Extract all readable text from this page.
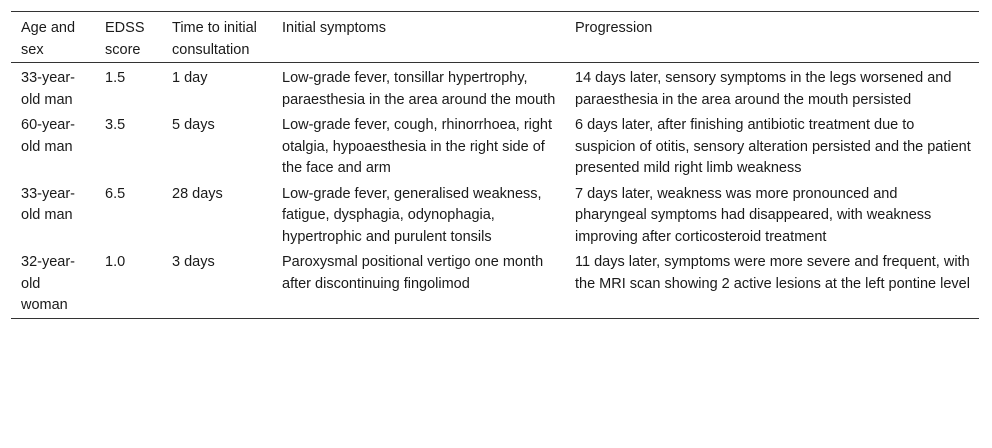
Age and sex	EDSS score	Time to initial consultation	Initial symptoms	Progression
33-year-old man	1.5	1 day	Low-grade fever, tonsillar hypertrophy, paraesthesia in the area around the mouth	14 days later, sensory symptoms in the legs worsened and paraesthesia in the area around the mouth persisted
60-year-old man	3.5	5 days	Low-grade fever, cough, rhinorrhoea, right otalgia, hypoaesthesia in the right side of the face and arm	6 days later, after finishing antibiotic treatment due to suspicion of otitis, sensory alteration persisted and the patient presented mild right limb weakness
33-year-old man	6.5	28 days	Low-grade fever, generalised weakness, fatigue, dysphagia, odynophagia, hypertrophic and purulent tonsils	7 days later, weakness was more pronounced and pharyngeal symptoms had disappeared, with weakness improving after corticosteroid treatment
32-year-old woman	1.0	3 days	Paroxysmal positional vertigo one month after discontinuing fingolimod	11 days later, symptoms were more severe and frequent, with the MRI scan showing 2 active lesions at the left pontine level
